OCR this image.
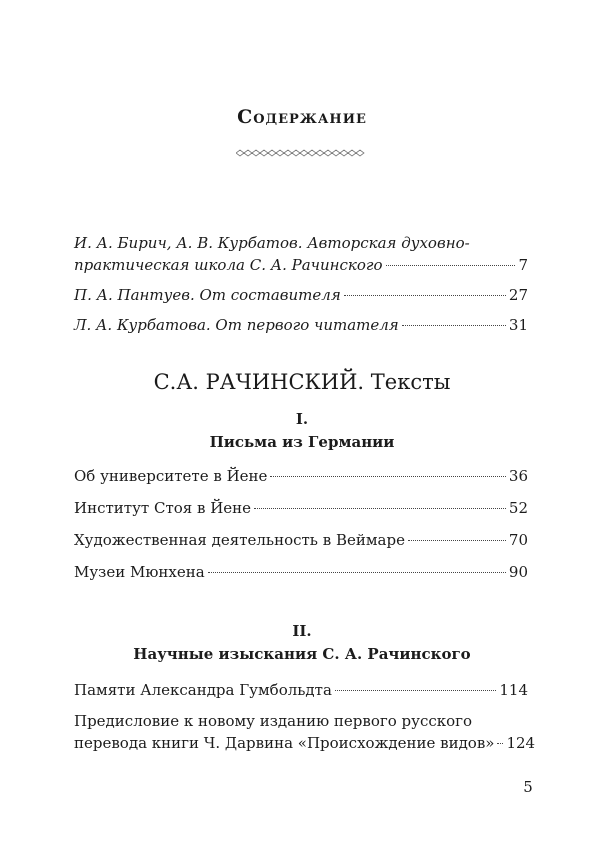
Содержание
И. А. Бирич, А. В. Курбатов. Авторская духовно-
практическая школа С. А. Рачинского	7
П. А. Пантуев. От составителя	27
Л. А. Курбатова. От первого читателя	31
С.А. РАЧИНСКИЙ. Тексты
I.
Письма из Германии
Об университете в Йене	36
Институт Стоя в Йене	52
Художественная деятельность в Веймаре	70
Музеи Мюнхена	90
II.
Научные изыскания С. А. Рачинского
Памяти Александра Гумбольдта	114
Предисловие к новому изданию первого русского
перевода книги Ч. Дарвина «Происхождение видов» 124
5
